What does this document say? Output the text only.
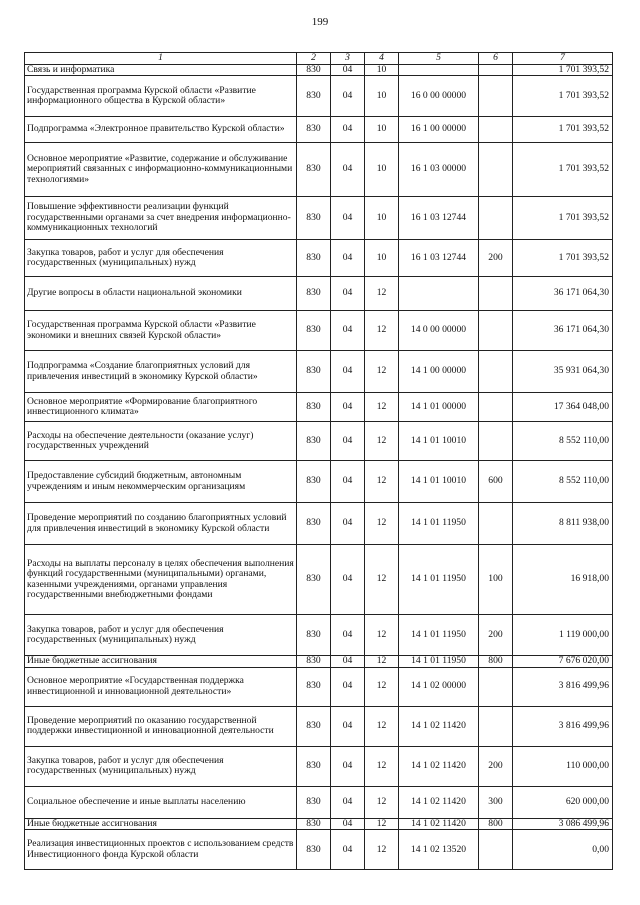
199
1	2	3	4	5	6	7
Связь и информатика	830	04	10			1 701 393,52
Государственная программа Курской области «Развитие информационного общества в Курской области»	830	04	10	16 0 00 00000		1 701 393,52
Подпрограмма «Электронное правительство Курской области»	830	04	10	16 1 00 00000		1 701 393,52
Основное мероприятие «Развитие, содержание и обслуживание мероприятий связанных с информационно-коммуникационными технологиями»	830	04	10	16 1 03 00000		1 701 393,52
Повышение эффективности реализации функций государственными органами за счет внедрения информационно-коммуникационных технологий	830	04	10	16 1 03 12744		1 701 393,52
Закупка товаров, работ и услуг для обеспечения государственных (муниципальных) нужд	830	04	10	16 1 03 12744	200	1 701 393,52
Другие вопросы в области национальной экономики	830	04	12			36 171 064,30
Государственная программа Курской области «Развитие экономики и внешних связей Курской области»	830	04	12	14 0 00 00000		36 171 064,30
Подпрограмма «Создание благоприятных условий для привлечения инвестиций в экономику Курской области»	830	04	12	14 1 00 00000		35 931 064,30
Основное мероприятие «Формирование благоприятного инвестиционного климата»	830	04	12	14 1 01 00000		17 364 048,00
Расходы на обеспечение деятельности (оказание услуг) государственных учреждений	830	04	12	14 1 01 10010		8 552 110,00
Предоставление субсидий бюджетным, автономным учреждениям и иным некоммерческим организациям	830	04	12	14 1 01 10010	600	8 552 110,00
Проведение мероприятий по созданию благоприятных условий для привлечения инвестиций в экономику Курской области	830	04	12	14 1 01 11950		8 811 938,00
Расходы на выплаты персоналу в целях обеспечения выполнения функций государственными (муниципальными) органами, казенными учреждениями, органами управления государственными внебюджетными фондами	830	04	12	14 1 01 11950	100	16 918,00
Закупка товаров, работ и услуг для обеспечения государственных (муниципальных) нужд	830	04	12	14 1 01 11950	200	1 119 000,00
Иные бюджетные ассигнования	830	04	12	14 1 01 11950	800	7 676 020,00
Основное мероприятие «Государственная поддержка инвестиционной и инновационной деятельности»	830	04	12	14 1 02 00000		3 816 499,96
Проведение мероприятий по оказанию государственной поддержки инвестиционной и инновационной деятельности	830	04	12	14 1 02 11420		3 816 499,96
Закупка товаров, работ и услуг для обеспечения государственных (муниципальных) нужд	830	04	12	14 1 02 11420	200	110 000,00
Социальное обеспечение и иные выплаты населению	830	04	12	14 1 02 11420	300	620 000,00
Иные бюджетные ассигнования	830	04	12	14 1 02 11420	800	3 086 499,96
Реализация инвестиционных проектов с использованием средств Инвестиционного фонда Курской области	830	04	12	14 1 02 13520		0,00
